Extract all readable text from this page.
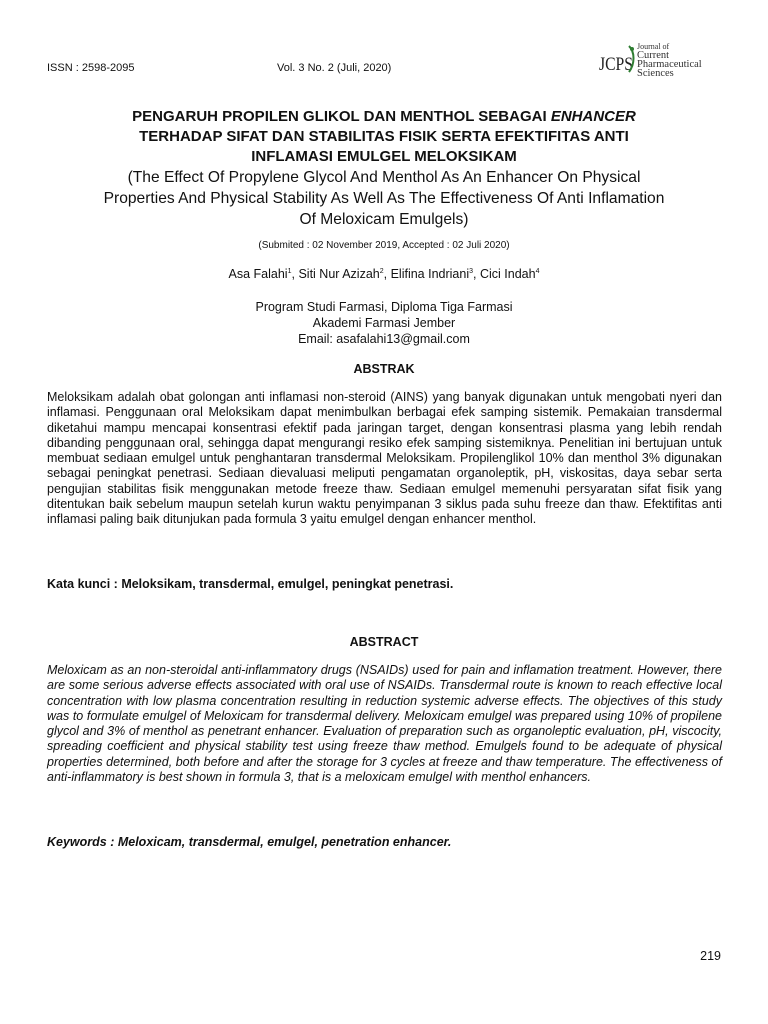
ISSN : 2598-2095	Vol. 3 No. 2 (Juli, 2020)	JCPS
Journal of
Current
Pharmaceutical
Sciences

PENGARUH PROPILEN GLIKOL DAN MENTHOL SEBAGAI ENHANCER
TERHADAP SIFAT DAN STABILITAS FISIK SERTA EFEKTIFITAS ANTI
INFLAMASI EMULGEL MELOKSIKAM

(The Effect Of Propylene Glycol And Menthol As An Enhancer On Physical
Properties And Physical Stability As Well As The Effectiveness Of Anti Inflamation
Of Meloxicam Emulgels)

(Submited : 02 November 2019, Accepted : 02 Juli 2020)
Asa Falahi$^1$, Siti Nur Azizah$^2$, Elifina Indriani$^3$, Cici Indah$^4$
Program Studi Farmasi, Diploma Tiga Farmasi
Akademi Farmasi Jember
Email: asafalahi13@gmail.com
ABSTRAK

Meloksikam adalah obat golongan anti inflamasi non-steroid (AINS) yang banyak digunakan untuk mengobati nyeri dan inflamasi. Penggunaan oral Meloksikam dapat menimbulkan berbagai efek samping sistemik. Pemakaian transdermal diketahui mampu mencapai konsentrasi efektif pada jaringan target, dengan konsentrasi plasma yang lebih rendah dibanding penggunaan oral, sehingga dapat mengurangi resiko efek samping sistemiknya. Penelitian ini bertujuan untuk membuat sediaan emulgel untuk penghantaran transdermal Meloksikam. Propilenglikol 10% dan menthol 3% digunakan sebagai peningkat penetrasi. Sediaan dievaluasi meliputi pengamatan organoleptik, pH, viskositas, daya sebar serta pengujian stabilitas fisik menggunakan metode freeze thaw. Sediaan emulgel memenuhi persyaratan sifat fisik yang ditentukan baik sebelum maupun setelah kurun waktu penyimpanan 3 siklus pada suhu freeze dan thaw. Efektifitas anti inflamasi paling baik ditunjukan pada formula 3 yaitu emulgel dengan enhancer menthol.

Kata kunci : Meloksikam, transdermal, emulgel, peningkat penetrasi.

ABSTRACT

Meloxicam as an non-steroidal anti-inflammatory drugs (NSAIDs) used for pain and inflamation treatment. However, there are some serious adverse effects associated with oral use of NSAIDs. Transdermal route is known to reach effective local concentration with low plasma concentration resulting in reduction systemic adverse effects. The objectives of this study was to formulate emulgel of Meloxicam for transdermal delivery. Meloxicam emulgel was prepared using 10% of propilene glycol and 3% of menthol as penetrant enhancer. Evaluation of preparation such as organoleptic evaluation, pH, viscocity, spreading coefficient and physical stability test using freeze thaw method. Emulgels found to be adequate of physical properties determined, both before and after the storage for 3 cycles at freeze and thaw temperature. The effectiveness of anti-inflammatory is best shown in formula 3, that is a meloxicam emulgel with menthol enhancers.

Keywords : Meloxicam, transdermal, emulgel, penetration enhancer.

219
